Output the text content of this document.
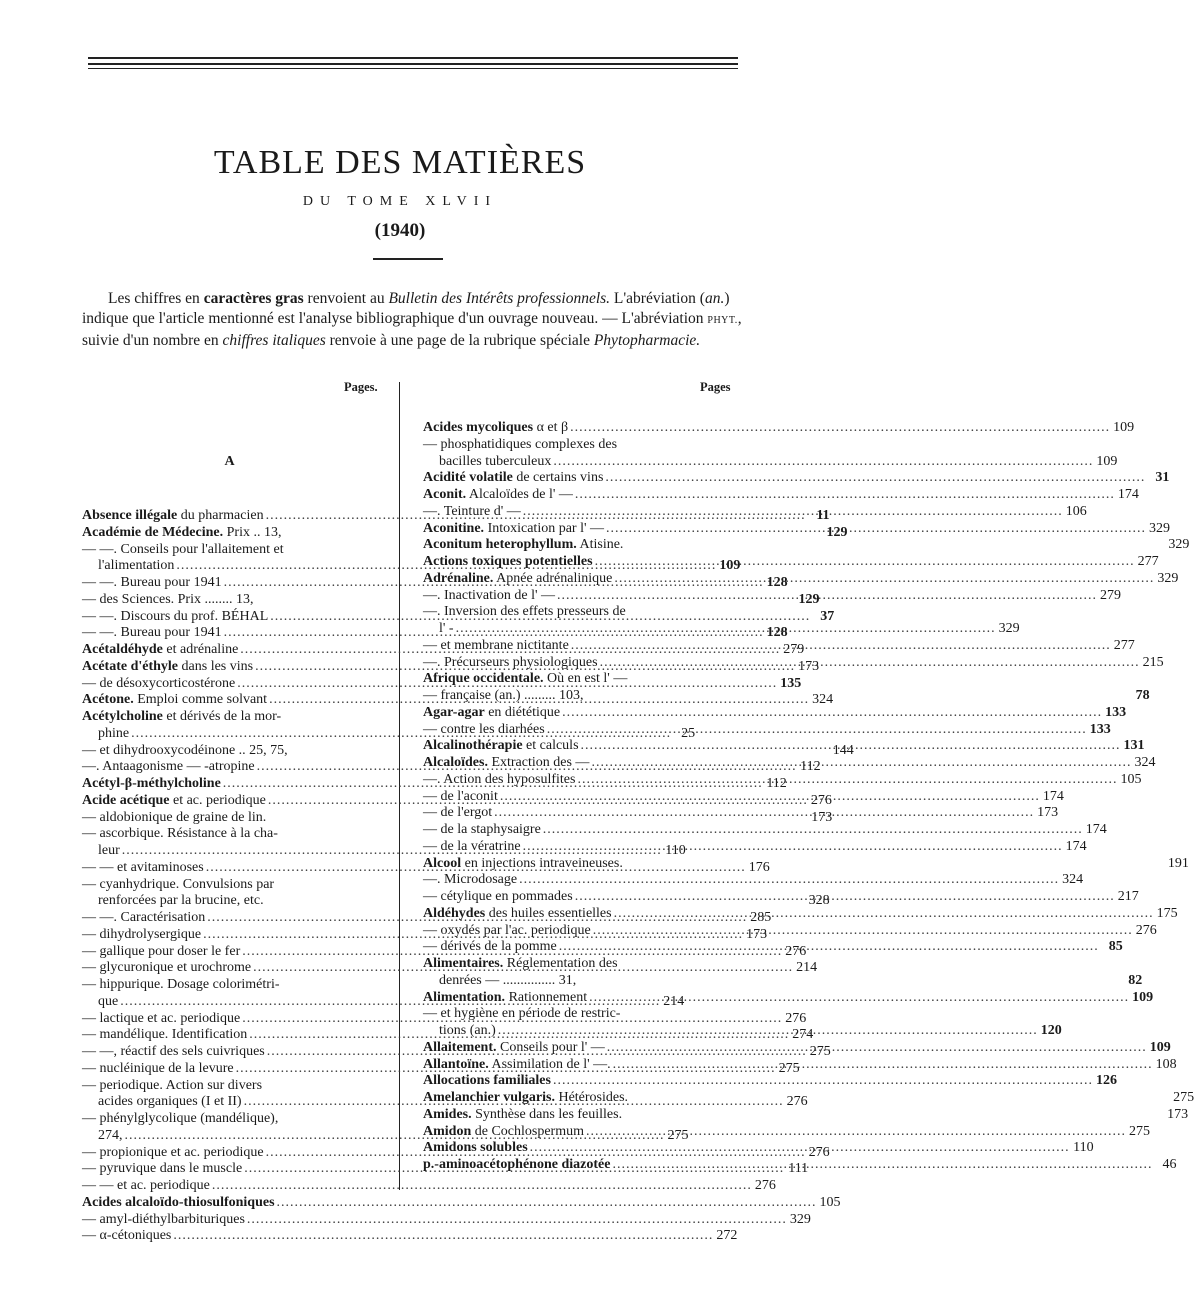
TABLE DES MATIÈRES
DU TOME XLVII
(1940)

Les chiffres en caractères gras renvoient au Bulletin des Intérêts professionnels. L'abréviation (an.) indique que l'article mentionné est l'analyse bibliographique d'un ouvrage nouveau. — L'abréviation PHYT., suivie d'un nombre en chiffres italiques renvoie à une page de la rubrique spéciale Phytopharmacie.

Pages.	Pages
A
Absence illégale du pharmacien .....	11
Académie de Médecine. Prix .. 13,	129
— —. Conseils pour l'allaitement et
l'alimentation .....	109
— —. Bureau pour 1941 .....	128
— des Sciences. Prix ........ 13,	129
— —. Discours du prof. BÉHAL .....	37
— —. Bureau pour 1941 .....	128
Acétaldéhyde et adrénaline .....	279
Acétate d'éthyle dans les vins .....	173
— de désoxycorticostérone .....	135
Acétone. Emploi comme solvant .....	324
Acétylcholine et dérivés de la mor-
phine .....	25
— et dihydrooxycodéinone .. 25, 75,	144
—. Antaagonisme — -atropine .....	112
Acétyl-β-méthylcholine .....	112
Acide acétique et ac. periodique .....	276
— aldobionique de graine de lin.	173
— ascorbique. Résistance à la cha-
leur .....	110
— — et avitaminoses .....	176
— cyanhydrique. Convulsions par
renforcées par la brucine, etc.	328
— —. Caractérisation .....	285
— dihydrolysergique .....	173
— gallique pour doser le fer .....	276
— glycuronique et urochrome .....	214
— hippurique. Dosage colorimétri-
que .....	214
— lactique et ac. periodique .....	276
— mandélique. Identification .....	274
— —, réactif des sels cuivriques .....	275
— nucléinique de la levure .....	275
— periodique. Action sur divers
acides organiques (I et II) .....	276
— phénylglycolique (mandélique),
274, .....	275
— propionique et ac. periodique .....	276
— pyruvique dans le muscle .....	111
— — et ac. periodique .....	276
Acides alcaloïdo-thiosulfoniques .....	105
— amyl-diéthylbarbituriques .....	329
— α-cétoniques .....	272
Acides mycoliques α et β .....	109
— phosphatidiques complexes des
bacilles tuberculeux .....	109
Acidité volatile de certains vins .....	31
Aconit. Alcaloïdes de l' — .....	174
—. Teinture d' — .....	106
Aconitine. Intoxication par l' — .....	329
Aconitum heterophyllum. Atisine.	329
Actions toxiques potentielles .....	277
Adrénaline. Apnée adrénalinique .....	329
—. Inactivation de l' — .....	279
—. Inversion des effets presseurs de
l' - .....	329
— et membrane nictitante .....	277
—. Précurseurs physiologiques .....	215
Afrique occidentale. Où en est l' —
— française (an.) ......... 103,	78
Agar-agar en diététique .....	133
— contre les diarhées .....	133
Alcalinothérapie et calculs .....	131
Alcaloïdes. Extraction des — .....	324
—. Action des hyposulfites .....	105
— de l'aconit .....	174
— de l'ergot .....	173
— de la staphysaigre .....	174
— de la vératrine .....	174
Alcool en injections intraveineuses.	191
—. Microdosage .....	324
— cétylique en pommades .....	217
Aldéhydes des huiles essentielles .....	175
— oxydés par l'ac. periodique .....	276
— dérivés de la pomme .....	85
Alimentaires. Réglementation des
denrées — ............... 31,	82
Alimentation. Rationnement .....	109
— et hygiène en période de restric-
tions (an.) .....	120
Allaitement. Conseils pour l' — .....	109
Allantoïne. Assimilation de l' —. .....	108
Allocations familiales .....	126
Amelanchier vulgaris. Hétérosides.	275
Amides. Synthèse dans les feuilles.	173
Amidon de Cochlospermum .....	275
Amidons solubles .....	110
p.-aminoacétophénone diazotée .....	46
